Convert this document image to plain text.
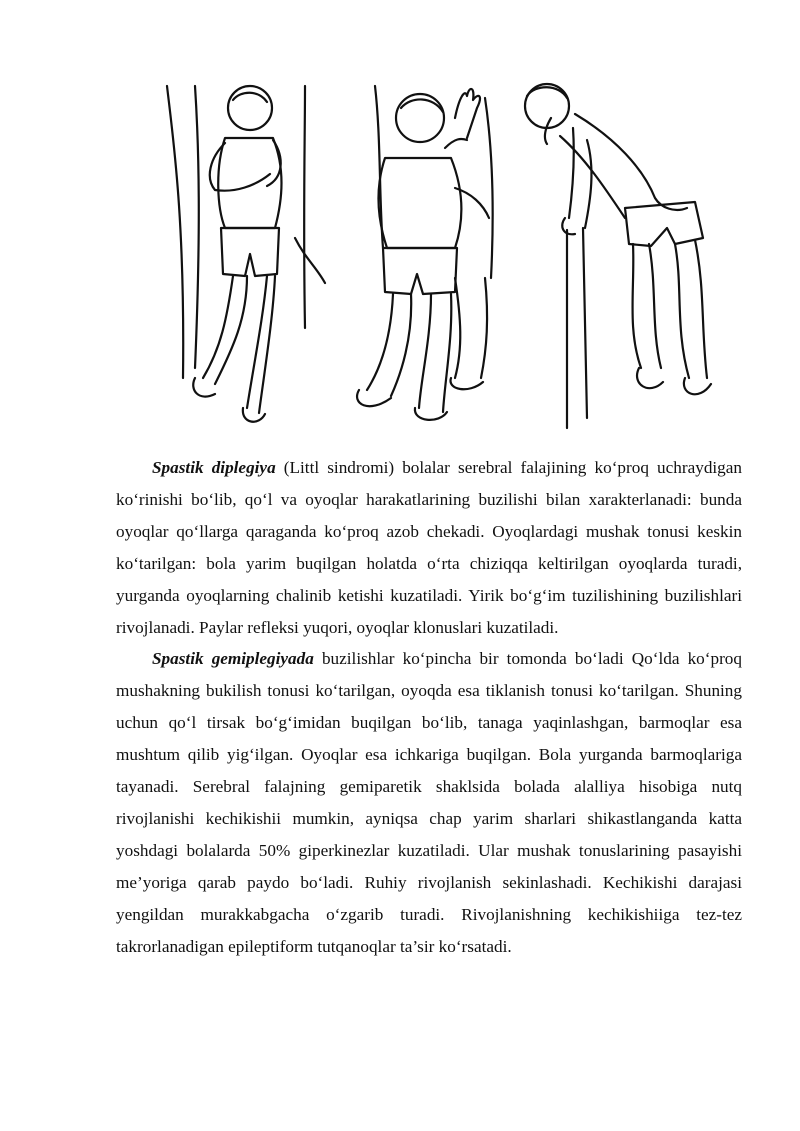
Spastik diplegiya (Littl sindromi) bolalar serebral falajining ko‘proq uchraydigan ko‘rinishi bo‘lib, qo‘l va oyoqlar harakatlarining buzilishi bilan xarakterlanadi: bunda oyoqlar qo‘llarga qaraganda ko‘proq azob chekadi. Oyoqlardagi mushak tonusi keskin ko‘tarilgan: bola yarim buqilgan holatda o‘rta chiziqqa keltirilgan oyoqlarda turadi, yurganda oyoqlarning chalinib ketishi kuzatiladi. Yirik bo‘g‘im tuzilishining buzilishlari rivojlanadi. Paylar refleksi yuqori, oyoqlar klonuslari kuzatiladi.

Spastik gemiplegiyada buzilishlar ko‘pincha bir tomonda bo‘ladi Qo‘lda ko‘proq mushakning bukilish tonusi ko‘tarilgan, oyoqda esa tiklanish tonusi ko‘tarilgan. Shuning uchun qo‘l tirsak bo‘g‘imidan buqilgan bo‘lib, tanaga yaqinlashgan, barmoqlar esa mushtum qilib yig‘ilgan. Oyoqlar esa ichkariga buqilgan. Bola yurganda barmoqlariga tayanadi. Serebral falajning gemiparetik shaklsida bolada alalliya hisobiga nutq rivojlanishi kechikishii mumkin, ayniqsa chap yarim sharlari shikastlanganda katta yoshdagi bolalarda 50% giperkinezlar kuzatiladi. Ular mushak tonuslarining pasayishi me’yoriga qarab paydo bo‘ladi. Ruhiy rivojlanish sekinlashadi. Kechikishi darajasi yengildan murakkabgacha o‘zgarib turadi. Rivojlanishning kechikishiiga tez-tez takrorlanadigan epileptiform tutqanoqlar ta’sir ko‘rsatadi.
